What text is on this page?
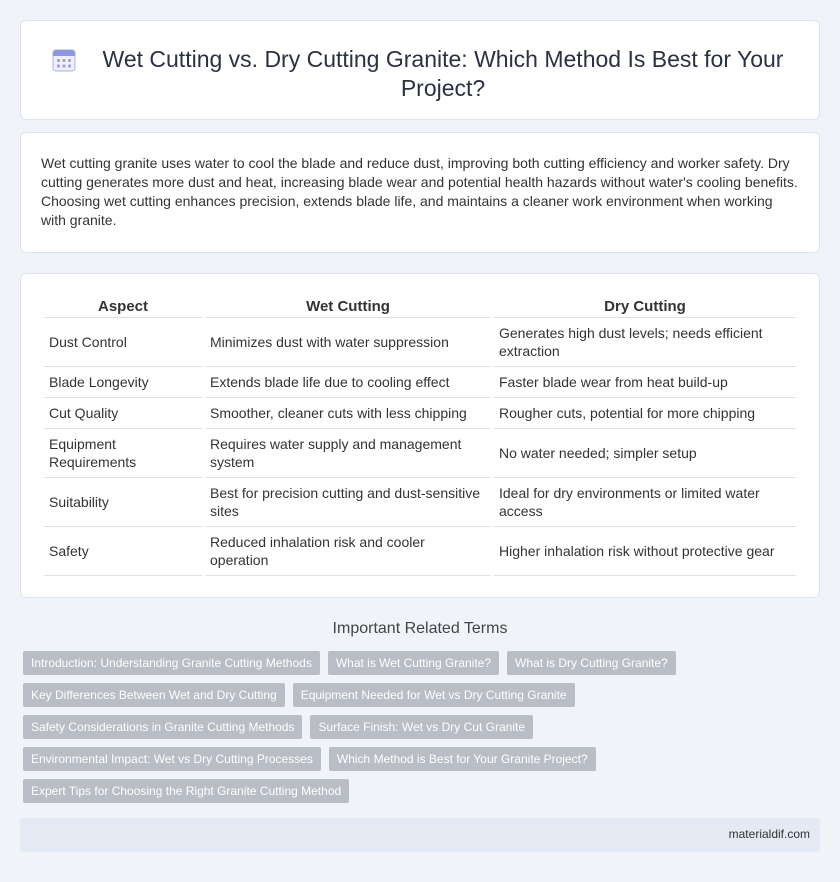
Wet Cutting vs. Dry Cutting Granite: Which Method Is Best for Your Project?

Wet cutting granite uses water to cool the blade and reduce dust, improving both cutting efficiency and worker safety. Dry cutting generates more dust and heat, increasing blade wear and potential health hazards without water's cooling benefits. Choosing wet cutting enhances precision, extends blade life, and maintains a cleaner work environment when working with granite.

Aspect	Wet Cutting	Dry Cutting
Dust Control	Minimizes dust with water suppression	Generates high dust levels; needs efficient extraction
Blade Longevity	Extends blade life due to cooling effect	Faster blade wear from heat build-up
Cut Quality	Smoother, cleaner cuts with less chipping	Rougher cuts, potential for more chipping
Equipment Requirements	Requires water supply and management system	No water needed; simpler setup
Suitability	Best for precision cutting and dust-sensitive sites	Ideal for dry environments or limited water access
Safety	Reduced inhalation risk and cooler operation	Higher inhalation risk without protective gear
Important Related Terms
Introduction: Understanding Granite Cutting Methods	What is Wet Cutting Granite?	What is Dry Cutting Granite?
Key Differences Between Wet and Dry Cutting	Equipment Needed for Wet vs Dry Cutting Granite
Safety Considerations in Granite Cutting Methods	Surface Finish: Wet vs Dry Cut Granite
Environmental Impact: Wet vs Dry Cutting Processes	Which Method is Best for Your Granite Project?
Expert Tips for Choosing the Right Granite Cutting Method
materialdif.com
